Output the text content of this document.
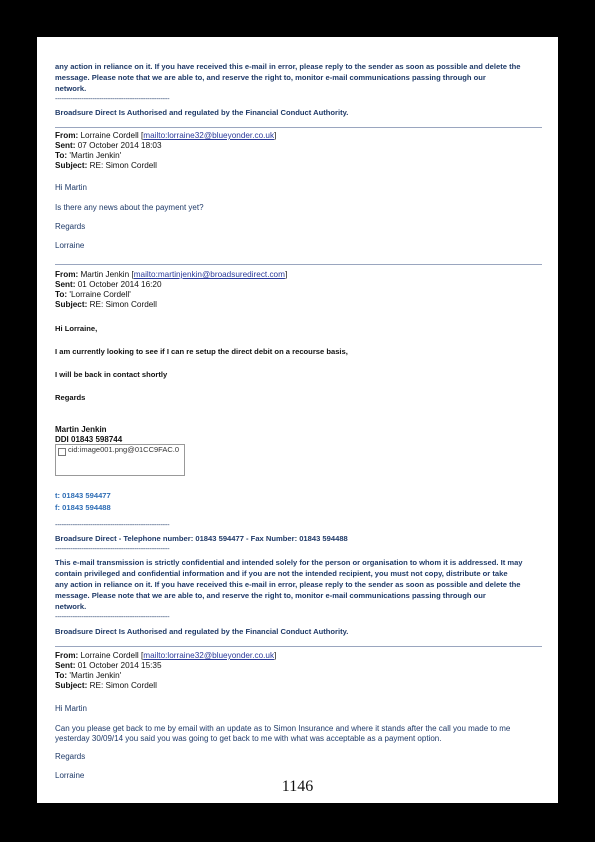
any action in reliance on it. If you have received this e-mail in error, please reply to the sender as soon as possible and delete the
message. Please note that we are able to, and reserve the right to, monitor e-mail communications passing through our
network.
----------------------------------------------------
Broadsure Direct Is Authorised and regulated by the Financial Conduct Authority.
From: Lorraine Cordell [mailto:lorraine32@blueyonder.co.uk]
Sent: 07 October 2014 18:03
To: 'Martin Jenkin'
Subject: RE: Simon Cordell
Hi Martin
Is there any news about the payment yet?
Regards
Lorraine
From: Martin Jenkin [mailto:martinjenkin@broadsuredirect.com]
Sent: 01 October 2014 16:20
To: 'Lorraine Cordell'
Subject: RE: Simon Cordell
Hi Lorraine,
I am currently looking to see if I can re setup the direct debit on a recourse basis,
I will be back in contact shortly
Regards
Martin Jenkin
DDI 01843 598744
cid:image001.png@01CC9FAC.0
t: 01843 594477
f: 01843 594488
----------------------------------------------------
Broadsure Direct - Telephone number: 01843 594477 - Fax Number: 01843 594488
----------------------------------------------------
This e-mail transmission is strictly confidential and intended solely for the person or organisation to whom it is addressed. It may
contain privileged and confidential information and if you are not the intended recipient, you must not copy, distribute or take
any action in reliance on it. If you have received this e-mail in error, please reply to the sender as soon as possible and delete the
message. Please note that we are able to, and reserve the right to, monitor e-mail communications passing through our
network.
----------------------------------------------------
Broadsure Direct Is Authorised and regulated by the Financial Conduct Authority.
From: Lorraine Cordell [mailto:lorraine32@blueyonder.co.uk]
Sent: 01 October 2014 15:35
To: 'Martin Jenkin'
Subject: RE: Simon Cordell
Hi Martin
Can you please get back to me by email with an update as to Simon Insurance and where it stands after the call you made to me
yesterday 30/09/14 you said you was going to get back to me with what was acceptable as a payment option.
Regards
Lorraine
1146
